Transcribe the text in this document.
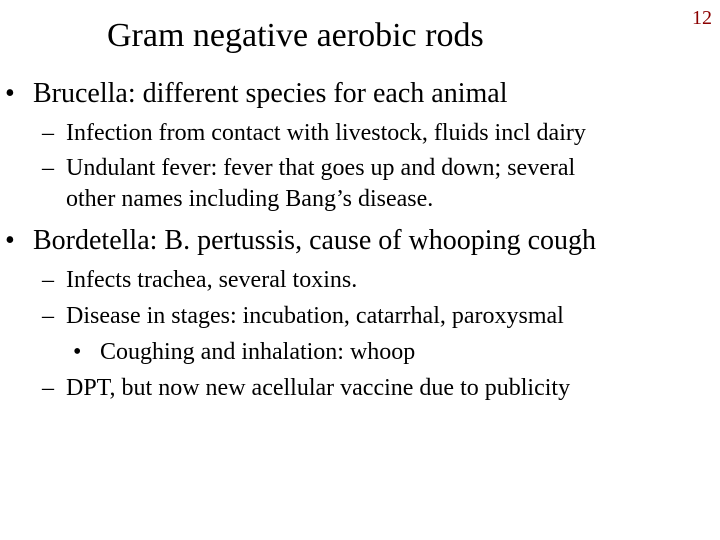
Gram negative aerobic rods	12
• Brucella: different species for each animal
– Infection from contact with livestock, fluids incl dairy
– Undulant fever: fever that goes up and down; several
other names including Bang’s disease.
• Bordetella: B. pertussis, cause of whooping cough
– Infects trachea, several toxins.
– Disease in stages: incubation, catarrhal, paroxysmal
• Coughing and inhalation: whoop
– DPT, but now new acellular vaccine due to publicity
